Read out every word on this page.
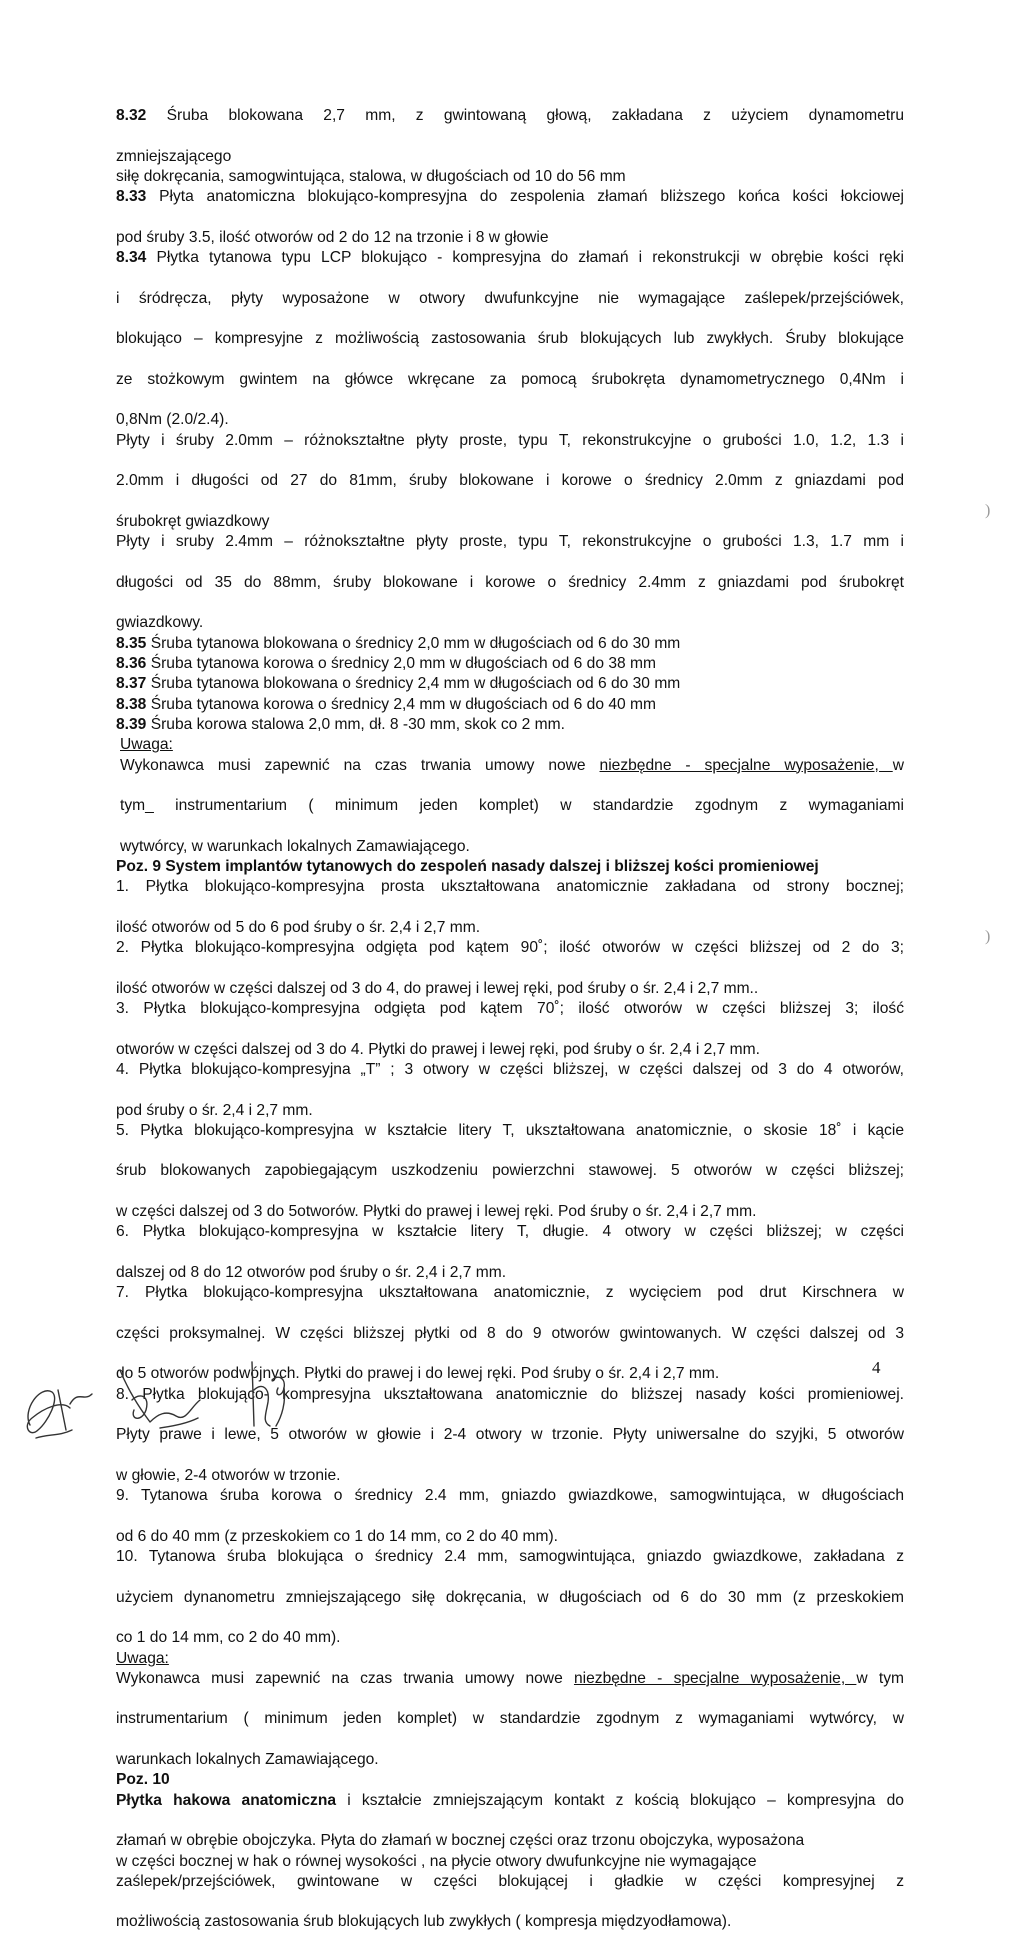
8.32 Śruba blokowana 2,7 mm, z gwintowaną głową, zakładana z użyciem dynamometru
zmniejszającego
siłę dokręcania, samogwintująca, stalowa, w długościach od 10 do 56 mm
8.33 Płyta anatomiczna blokująco-kompresyjna do zespolenia złamań bliższego końca kości łokciowej
pod śruby 3.5, ilość otworów od 2 do 12 na trzonie i 8 w głowie
8.34 Płytka tytanowa typu LCP blokująco - kompresyjna do złamań i rekonstrukcji w obrębie kości ręki
i śródręcza, płyty wyposażone w otwory dwufunkcyjne nie wymagające zaślepek/przejściówek,
blokująco – kompresyjne z możliwością zastosowania śrub blokujących lub zwykłych. Śruby blokujące
ze stożkowym gwintem na główce wkręcane za pomocą śrubokręta dynamometrycznego 0,4Nm i
0,8Nm (2.0/2.4).
Płyty i śruby 2.0mm – różnokształtne płyty proste, typu T, rekonstrukcyjne o grubości 1.0, 1.2, 1.3 i
2.0mm i długości od 27 do 81mm, śruby blokowane i korowe o średnicy 2.0mm z gniazdami pod
śrubokręt gwiazdkowy
Płyty i sruby 2.4mm – różnokształtne płyty proste, typu T, rekonstrukcyjne o grubości 1.3, 1.7 mm i
długości od 35 do 88mm, śruby blokowane i korowe o średnicy 2.4mm z gniazdami pod śrubokręt
gwiazdkowy.
8.35 Śruba tytanowa blokowana o średnicy 2,0 mm w długościach od 6 do 30 mm
8.36 Śruba tytanowa korowa o średnicy 2,0 mm w długościach od 6 do 38 mm
8.37 Śruba tytanowa blokowana o średnicy 2,4 mm w długościach od 6 do 30 mm
8.38 Śruba tytanowa korowa o średnicy 2,4 mm w długościach od 6 do 40 mm
8.39 Śruba korowa stalowa 2,0 mm, dł. 8 -30 mm, skok co 2 mm.
Uwaga:
Wykonawca musi zapewnić na czas trwania umowy nowe niezbędne - specjalne wyposażenie, w
tym_ instrumentarium ( minimum jeden komplet) w standardzie zgodnym z wymaganiami
wytwórcy, w warunkach lokalnych Zamawiającego.
Poz. 9 System implantów tytanowych do zespoleń nasady dalszej i bliższej kości promieniowej
1. Płytka blokująco-kompresyjna prosta ukształtowana anatomicznie zakładana od strony bocznej;
ilość otworów od 5 do 6 pod śruby o śr. 2,4 i 2,7 mm.
2. Płytka blokująco-kompresyjna odgięta pod kątem 90˚; ilość otworów w części bliższej od 2 do 3;
ilość otworów w części dalszej od 3 do 4, do prawej i lewej ręki, pod śruby o śr. 2,4 i 2,7 mm..
3. Płytka blokująco-kompresyjna odgięta pod kątem 70˚; ilość otworów w części bliższej 3; ilość
otworów w części dalszej od 3 do 4. Płytki do prawej i lewej ręki, pod śruby o śr. 2,4 i 2,7 mm.
4. Płytka blokująco-kompresyjna „T” ; 3 otwory w części bliższej, w części dalszej od 3 do 4 otworów,
pod śruby o śr. 2,4 i 2,7 mm.
5. Płytka blokująco-kompresyjna w kształcie litery T, ukształtowana anatomicznie, o skosie 18˚ i kącie
śrub blokowanych zapobiegającym uszkodzeniu powierzchni stawowej. 5 otworów w części bliższej;
w części dalszej od 3 do 5otworów. Płytki do prawej i lewej ręki. Pod śruby o śr. 2,4 i 2,7 mm.
6. Płytka blokująco-kompresyjna w kształcie litery T, długie. 4 otwory w części bliższej; w części
dalszej od 8 do 12 otworów pod śruby o śr. 2,4 i 2,7 mm.
7. Płytka blokująco-kompresyjna ukształtowana anatomicznie, z wycięciem pod drut Kirschnera w
części proksymalnej. W części bliższej płytki od 8 do 9 otworów gwintowanych. W części dalszej od 3
do 5 otworów podwójnych. Płytki do prawej i do lewej ręki. Pod śruby o śr. 2,4 i 2,7 mm.
8. Płytka blokująco- kompresyjna ukształtowana anatomicznie do bliższej nasady kości promieniowej.
Płyty prawe i lewe, 5 otworów w głowie i 2-4 otwory w trzonie. Płyty uniwersalne do szyjki, 5 otworów
w głowie, 2-4 otworów w trzonie.
9. Tytanowa śruba korowa o średnicy 2.4 mm, gniazdo gwiazdkowe, samogwintująca, w długościach
od 6 do 40 mm (z przeskokiem co 1 do 14 mm, co 2 do 40 mm).
10. Tytanowa śruba blokująca o średnicy 2.4 mm, samogwintująca, gniazdo gwiazdkowe, zakładana z
użyciem dynanometru zmniejszającego siłę dokręcania, w długościach od 6 do 30 mm (z przeskokiem
co 1 do 14 mm, co 2 do 40 mm).
Uwaga:
Wykonawca musi zapewnić na czas trwania umowy nowe niezbędne - specjalne wyposażenie, w tym
instrumentarium ( minimum jeden komplet) w standardzie zgodnym z wymaganiami wytwórcy, w
warunkach lokalnych Zamawiającego.
Poz. 10
Płytka hakowa anatomiczna i kształcie zmniejszającym kontakt z kością blokująco – kompresyjna do
złamań w obrębie obojczyka. Płyta do złamań w bocznej części oraz trzonu obojczyka, wyposażona
w części bocznej w hak o równej wysokości , na płycie otwory dwufunkcyjne nie wymagające
zaślepek/przejściówek, gwintowane w części blokującej i gładkie w części kompresyjnej z
możliwością zastosowania śrub blokujących lub zwykłych ( kompresja międzyodłamowa).
)
)
4
